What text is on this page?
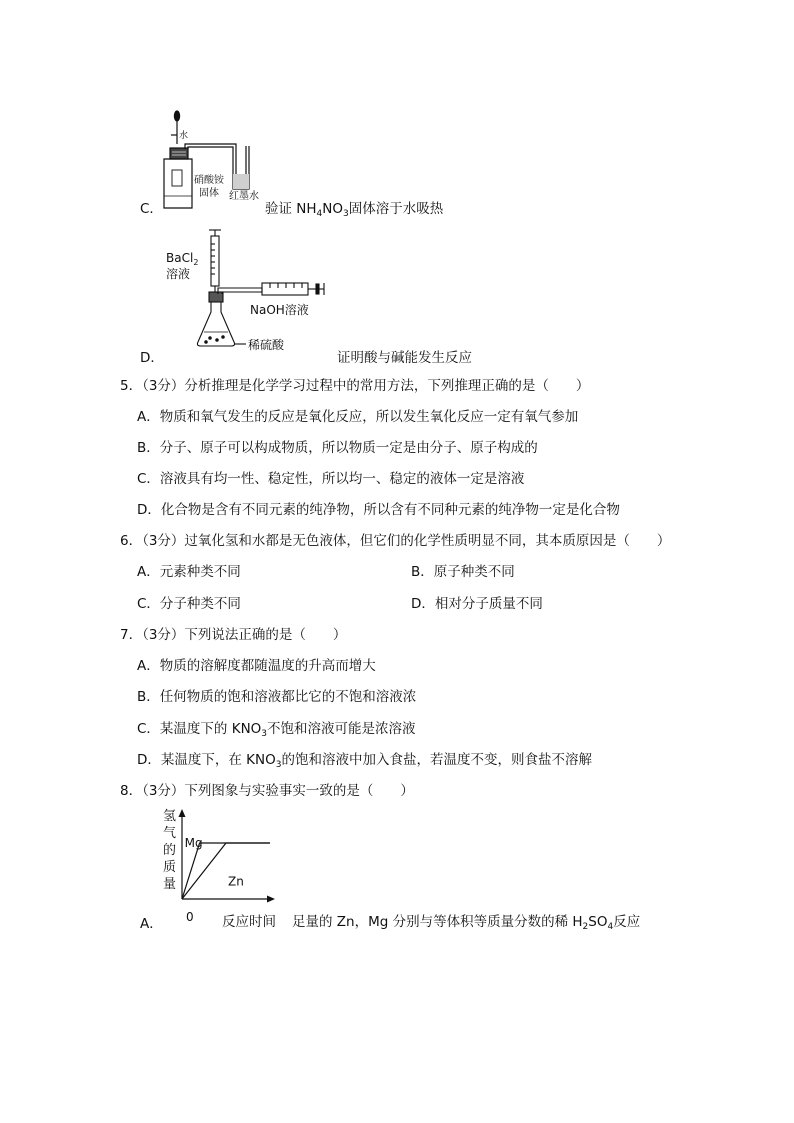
水
硝酸铵
固体 红墨水
C．	验证 $NH_4NO_3$固体溶于水吸热
BaCl$_2$
溶液
NaOH溶液
稀硫酸
D．	证明酸与碱能发生反应
5．（3分）分析推理是化学学习过程中的常用方法，下列推理正确的是（　　）
A．物质和氧气发生的反应是氧化反应，所以发生氧化反应一定有氧气参加
B．分子、原子可以构成物质，所以物质一定是由分子、原子构成的
C．溶液具有均一性、稳定性，所以均一、稳定的液体一定是溶液
D．化合物是含有不同元素的纯净物，所以含有不同种元素的纯净物一定是化合物
6．（3分）过氧化氢和水都是无色液体，但它们的化学性质明显不同，其本质原因是（　　）
A．元素种类不同	B．原子种类不同
C．分子种类不同	D．相对分子质量不同
7．（3分）下列说法正确的是（　　）
A．物质的溶解度都随温度的升高而增大
B．任何物质的饱和溶液都比它的不饱和溶液浓
C．某温度下的 $KNO_3$不饱和溶液可能是浓溶液
D．某温度下，在 $KNO_3$的饱和溶液中加入食盐，若温度不变，则食盐不溶解
8．（3分）下列图象与实验事实一致的是（　　）
氢
气
的
质
量
0
Mg
Zn
A．	反应时间 足量的 Zn，Mg 分别与等体积等质量分数的稀 $H_2SO_4$反应
